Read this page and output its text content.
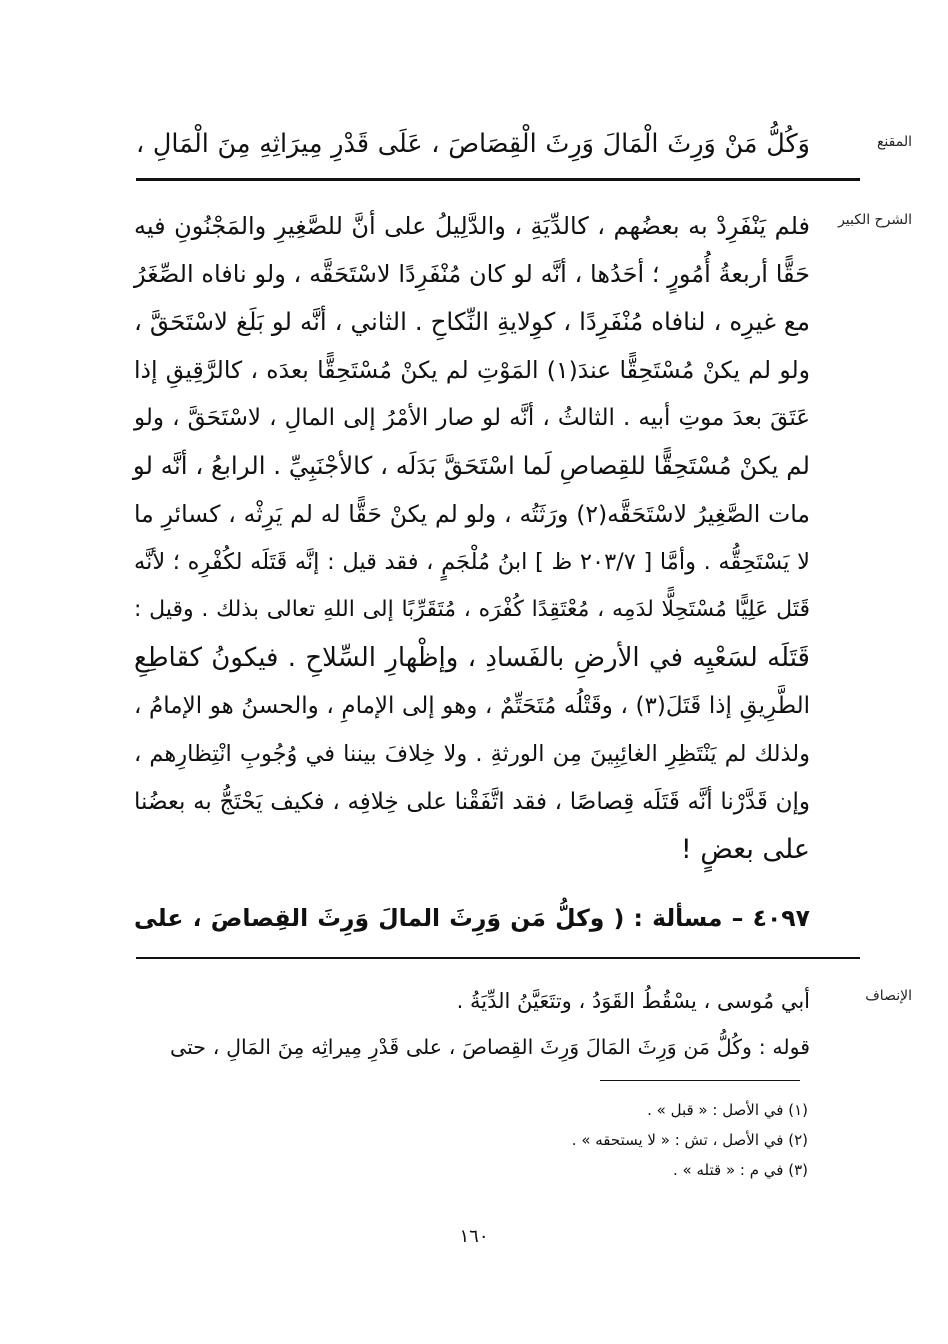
المقنع
وَكُلُّ مَنْ وَرِثَ الْمَالَ وَرِثَ الْقِصَاصَ ، عَلَى قَدْرِ مِيرَاثِهِ مِنَ الْمَالِ ،
الشرح الكبير
فلم يَنْفَرِدْ به بعضُهم ، كالدِّيَةِ ، والدَّلِيلُ على أنَّ للصَّغِيرِ والمَجْنُونِ فيه
حَقًّا أربعةُ أُمُورٍ ؛ أحَدُها ، أنَّه لو كان مُنْفَرِدًا لاسْتَحَقَّه ، ولو نافاه الصِّغَرُ
مع غيرِه ، لنافاه مُنْفَرِدًا ، كوِلايةِ النِّكاحِ . الثاني ، أنَّه لو بَلَغ لاسْتَحَقَّ ،
ولو لم يكنْ مُسْتَحِقًّا عندَ(١) المَوْتِ لم يكنْ مُسْتَحِقًّا بعدَه ، كالرَّقِيقِ إذا
عَتَقَ بعدَ موتِ أبيه . الثالثُ ، أنَّه لو صار الأمْرُ إلى المالِ ، لاسْتَحَقَّ ، ولو
لم يكنْ مُسْتَحِقًّا للقِصاصِ لَما اسْتَحَقَّ بَدَلَه ، كالأجْنَبِيِّ . الرابعُ ، أنَّه لو
مات الصَّغِيرُ لاسْتَحَقَّه(٢) ورَثَتُه ، ولو لم يكنْ حَقًّا له لم يَرِثْه ، كسائرِ ما
لا يَسْتَحِقُّه . وأمَّا [ ٢٠٣/٧ ظ ] ابنُ مُلْجَمٍ ، فقد قيل : إنَّه قَتَلَه لكُفْرِه ؛ لأنَّه
قَتَل عَلِيًّا مُسْتَحِلًّا لدَمِه ، مُعْتَقِدًا كُفْرَه ، مُتَقَرِّبًا إلى اللهِ تعالى بذلك . وقيل :
قَتَلَه لسَعْيِه في الأرضِ بالفَسادِ ، وإظْهارِ السِّلاحِ . فيكونُ كقاطِعِ
الطَّرِيقِ إذا قَتَلَ(٣) ، وقَتْلُه مُتَحَتِّمٌ ، وهو إلى الإمامِ ، والحسنُ هو الإمامُ ،
ولذلك لم يَنْتَظِرِ الغائِبِينَ مِن الورثةِ . ولا خِلافَ بيننا في وُجُوبِ انْتِظارِهم ،
وإن قَدَّرْنا أنَّه قَتَلَه قِصاصًا ، فقد اتَّفَقْنا على خِلافِه ، فكيف يَحْتَجُّ به بعضُنا
على بعضٍ !
٤٠٩٧ – مسألة : ( وكلُّ مَن وَرِثَ المالَ وَرِثَ القِصاصَ ، على
الإنصاف
أبي مُوسى ، يسْقُطُ القَوَدُ ، وتتَعَيَّنُ الدِّيَةُ .
قوله : وكُلُّ مَن وَرِثَ المَالَ وَرِثَ القِصاصَ ، على قَدْرِ مِيراثِه مِنَ المَالِ ، حتى
(١) في الأصل : « قبل » .
(٢) في الأصل ، تش : « لا يستحقه » .
(٣) في م : « قتله » .
١٦٠
